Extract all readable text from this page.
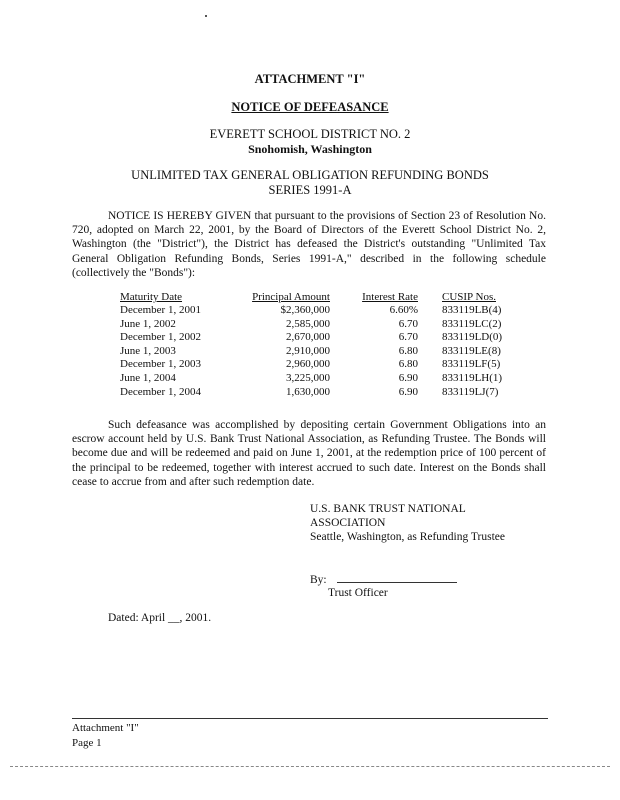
ATTACHMENT "I"
NOTICE OF DEFEASANCE
EVERETT SCHOOL DISTRICT NO. 2
Snohomish, Washington
UNLIMITED TAX GENERAL OBLIGATION REFUNDING BONDS
SERIES 1991-A
NOTICE IS HEREBY GIVEN that pursuant to the provisions of Section 23 of Resolution No. 720, adopted on March 22, 2001, by the Board of Directors of the Everett School District No. 2, Washington (the "District"), the District has defeased the District's outstanding "Unlimited Tax General Obligation Refunding Bonds, Series 1991-A," described in the following schedule (collectively the "Bonds"):
Maturity Date	Principal Amount	Interest Rate	CUSIP Nos.
December 1, 2001	$2,360,000	6.60%	833119LB(4)
June 1, 2002	2,585,000	6.70	833119LC(2)
December 1, 2002	2,670,000	6.70	833119LD(0)
June 1, 2003	2,910,000	6.80	833119LE(8)
December 1, 2003	2,960,000	6.80	833119LF(5)
June 1, 2004	3,225,000	6.90	833119LH(1)
December 1, 2004	1,630,000	6.90	833119LJ(7)
Such defeasance was accomplished by depositing certain Government Obligations into an escrow account held by U.S. Bank Trust National Association, as Refunding Trustee. The Bonds will become due and will be redeemed and paid on June 1, 2001, at the redemption price of 100 percent of the principal to be redeemed, together with interest accrued to such date. Interest on the Bonds shall cease to accrue from and after such redemption date.
U.S. BANK TRUST NATIONAL
ASSOCIATION
Seattle, Washington, as Refunding Trustee
By:
Trust Officer
Dated: April __, 2001.
Attachment "I"
Page 1
